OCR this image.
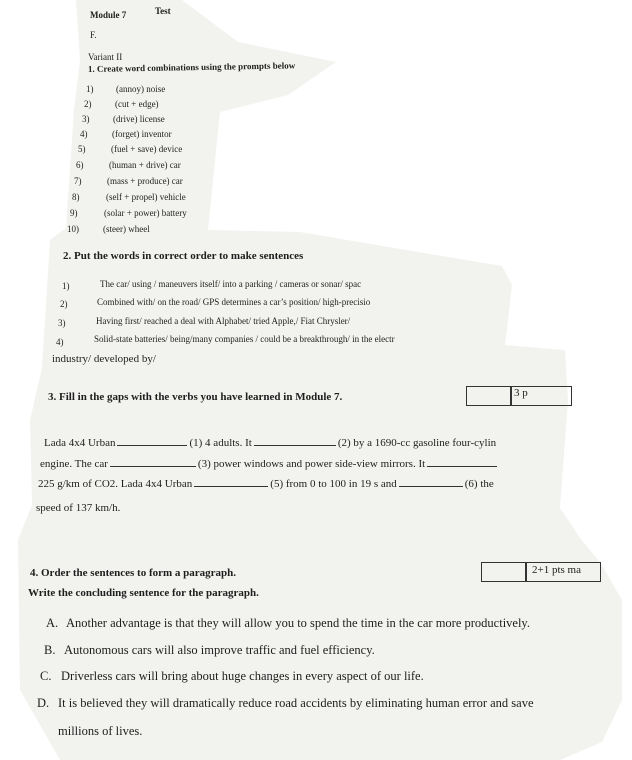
Module 7	Test
F.
Variant II
1. Create word combinations using the prompts below
1)	(annoy) noise
2)	(cut + edge)
3)	(drive) license
4)	(forget) inventor
5)	(fuel + save) device
6)	(human + drive) car
7)	(mass + produce) car
8)	(self + propel) vehicle
9)	(solar + power) battery
10)	(steer) wheel
2. Put the words in correct order to make sentences
1)	The car/ using / maneuvers itself/ into a parking / cameras or sonar/ spac
2)	Combined with/ on the road/ GPS determines a car’s position/ high-precisio
3)	Having first/ reached a deal with Alphabet/ tried Apple,/ Fiat Chrysler/
4)	Solid-state batteries/ being/many companies / could be a breakthrough/ in the electr
industry/ developed by/
3. Fill in the gaps with the verbs you have learned in Module 7.	3 p
Lada 4x4 Urban	(1) 4 adults. It	(2) by a 1690-cc gasoline four-cylin
engine. The car	(3) power windows and power side-view mirrors. It
225 g/km of CO2. Lada 4x4 Urban	(5) from 0 to 100 in 19 s and	(6) the
speed of 137 km/h.
4. Order the sentences to form a paragraph.
Write the concluding sentence for the paragraph.
2+1 pts ma
A. Another advantage is that they will allow you to spend the time in the car more productively.
B. Autonomous cars will also improve traffic and fuel efficiency.
C. Driverless cars will bring about huge changes in every aspect of our life.
D. It is believed they will dramatically reduce road accidents by eliminating human error and save
millions of lives.
